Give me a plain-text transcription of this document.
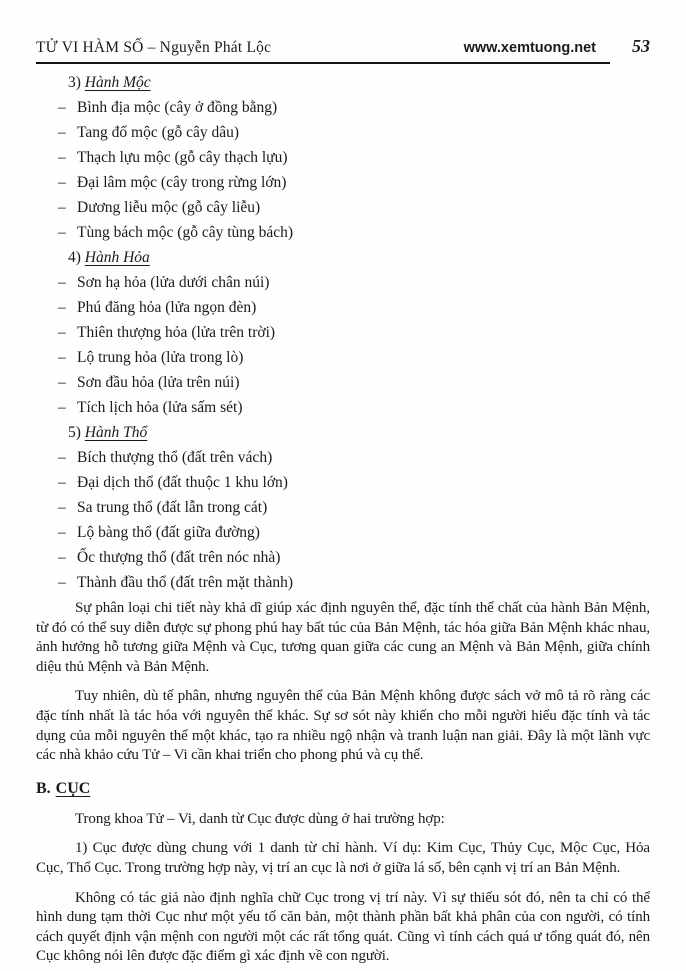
TỬ VI HÀM SỐ – Nguyễn Phát Lộc	www.xemtuong.net	53
3) Hành Mộc
– Bình địa mộc (cây ở đồng bằng)
– Tang đố mộc (gỗ cây dâu)
– Thạch lựu mộc (gỗ cây thạch lựu)
– Đại lâm mộc (cây trong rừng lớn)
– Dương liễu mộc (gỗ cây liễu)
– Tùng bách mộc (gỗ cây tùng bách)
4) Hành Hỏa
– Sơn hạ hỏa (lửa dưới chân núi)
– Phú đăng hỏa (lửa ngọn đèn)
– Thiên thượng hỏa (lửa trên trời)
– Lộ trung hỏa (lửa trong lò)
– Sơn đầu hỏa (lửa trên núi)
– Tích lịch hỏa (lửa sấm sét)
5) Hành Thổ
– Bích thượng thổ (đất trên vách)
– Đại dịch thổ (đất thuộc 1 khu lớn)
– Sa trung thổ (đất lẫn trong cát)
– Lộ bàng thổ (đất giữa đường)
– Ốc thượng thổ (đất trên nóc nhà)
– Thành đầu thổ (đất trên mặt thành)

Sự phân loại chi tiết này khả dĩ giúp xác định nguyên thể, đặc tính thể chất của hành Bản Mệnh, từ đó có thể suy diễn được sự phong phú hay bất túc của Bản Mệnh, tác hóa giữa Bản Mệnh khác nhau, ảnh hưởng hỗ tương giữa Mệnh và Cục, tương quan giữa các cung an Mệnh và Bản Mệnh, giữa chính diệu thủ Mệnh và Bản Mệnh.

Tuy nhiên, dù tế phân, nhưng nguyên thể của Bản Mệnh không được sách vở mô tả rõ ràng các đặc tính nhất là tác hóa với nguyên thể khác. Sự sơ sót này khiến cho mỗi người hiểu đặc tính và tác dụng của mỗi nguyên thể một khác, tạo ra nhiều ngộ nhận và tranh luận nan giải. Đây là một lãnh vực các nhà khảo cứu Tử – Vi cần khai triển cho phong phú và cụ thể.

B. CỤC

Trong khoa Tử – Vi, danh từ Cục được dùng ở hai trường hợp:

1) Cục được dùng chung với 1 danh từ chỉ hành. Ví dụ: Kim Cục, Thủy Cục, Mộc Cục, Hỏa Cục, Thổ Cục. Trong trường hợp này, vị trí an cục là nơi ở giữa lá số, bên cạnh vị trí an Bản Mệnh.

Không có tác giả nào định nghĩa chữ Cục trong vị trí này. Vì sự thiếu sót đó, nên ta chỉ có thể hình dung tạm thời Cục như một yếu tố căn bản, một thành phần bất khả phân của con người, có tính cách quyết định vận mệnh con người một các rất tổng quát. Cũng vì tính cách quá ư tổng quát đó, nên Cục không nói lên được đặc điểm gì xác định về con người.
